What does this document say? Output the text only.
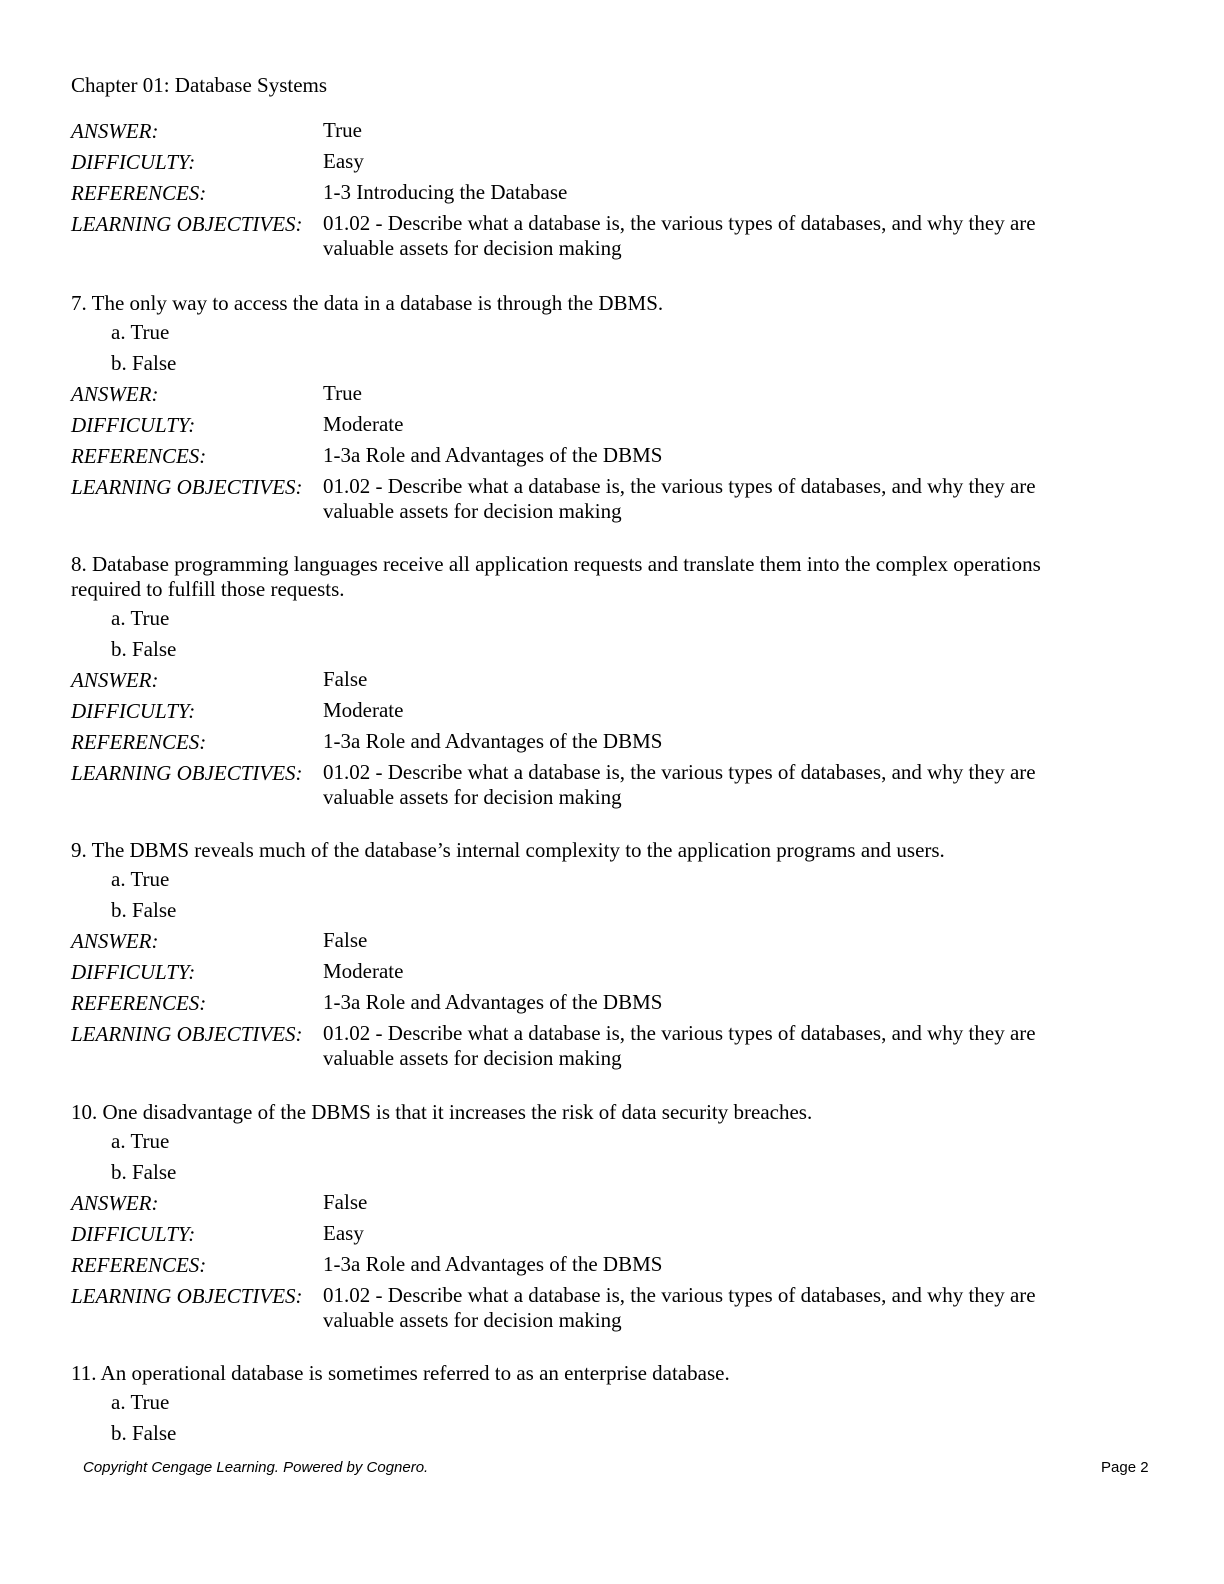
Chapter 01: Database Systems
ANSWER:	True
DIFFICULTY:	Easy
REFERENCES:	1-3 Introducing the Database
LEARNING OBJECTIVES: 01.02 - Describe what a database is, the various types of databases, and why they are valuable assets for decision making
7. The only way to access the data in a database is through the DBMS.
a. True
b. False
ANSWER:	True
DIFFICULTY:	Moderate
REFERENCES:	1-3a Role and Advantages of the DBMS
LEARNING OBJECTIVES: 01.02 - Describe what a database is, the various types of databases, and why they are valuable assets for decision making
8. Database programming languages receive all application requests and translate them into the complex operations required to fulfill those requests.
a. True
b. False
ANSWER:	False
DIFFICULTY:	Moderate
REFERENCES:	1-3a Role and Advantages of the DBMS
LEARNING OBJECTIVES: 01.02 - Describe what a database is, the various types of databases, and why they are valuable assets for decision making
9. The DBMS reveals much of the database’s internal complexity to the application programs and users.
a. True
b. False
ANSWER:	False
DIFFICULTY:	Moderate
REFERENCES:	1-3a Role and Advantages of the DBMS
LEARNING OBJECTIVES: 01.02 - Describe what a database is, the various types of databases, and why they are valuable assets for decision making
10. One disadvantage of the DBMS is that it increases the risk of data security breaches.
a. True
b. False
ANSWER:	False
DIFFICULTY:	Easy
REFERENCES:	1-3a Role and Advantages of the DBMS
LEARNING OBJECTIVES: 01.02 - Describe what a database is, the various types of databases, and why they are valuable assets for decision making
11. An operational database is sometimes referred to as an enterprise database.
a. True
b. False
Copyright Cengage Learning. Powered by Cognero.	Page 2
